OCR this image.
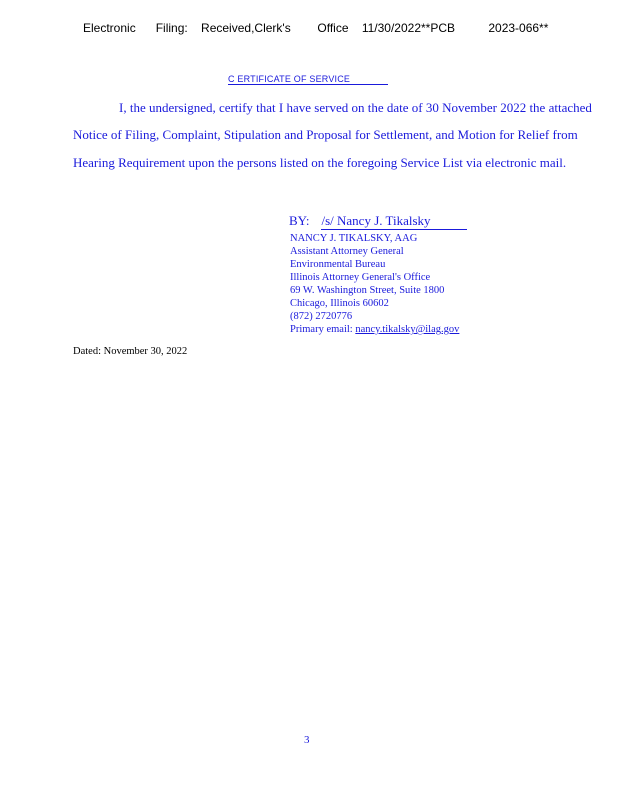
Electronic      Filing:    Received,Clerk's        Office    11/30/2022**PCB          2023-066**
C ERTIFICATE OF SERVICE
I, the undersigned, certify that I have served on the date of 30 November 2022 the attached
Notice of Filing, Complaint, Stipulation and Proposal for Settlement, and Motion for Relief from
Hearing Requirement upon the persons listed on the foregoing Service List via electronic mail.
BY: /s/ Nancy J. Tikalsky
NANCY J. TIKALSKY, AAG
Assistant Attorney General
Environmental Bureau
Illinois Attorney General's Office
69 W. Washington Street, Suite 1800
Chicago, Illinois 60602
(872) 2720776
Primary email: nancy.tikalsky@ilag.gov
Dated: November 30, 2022
3
